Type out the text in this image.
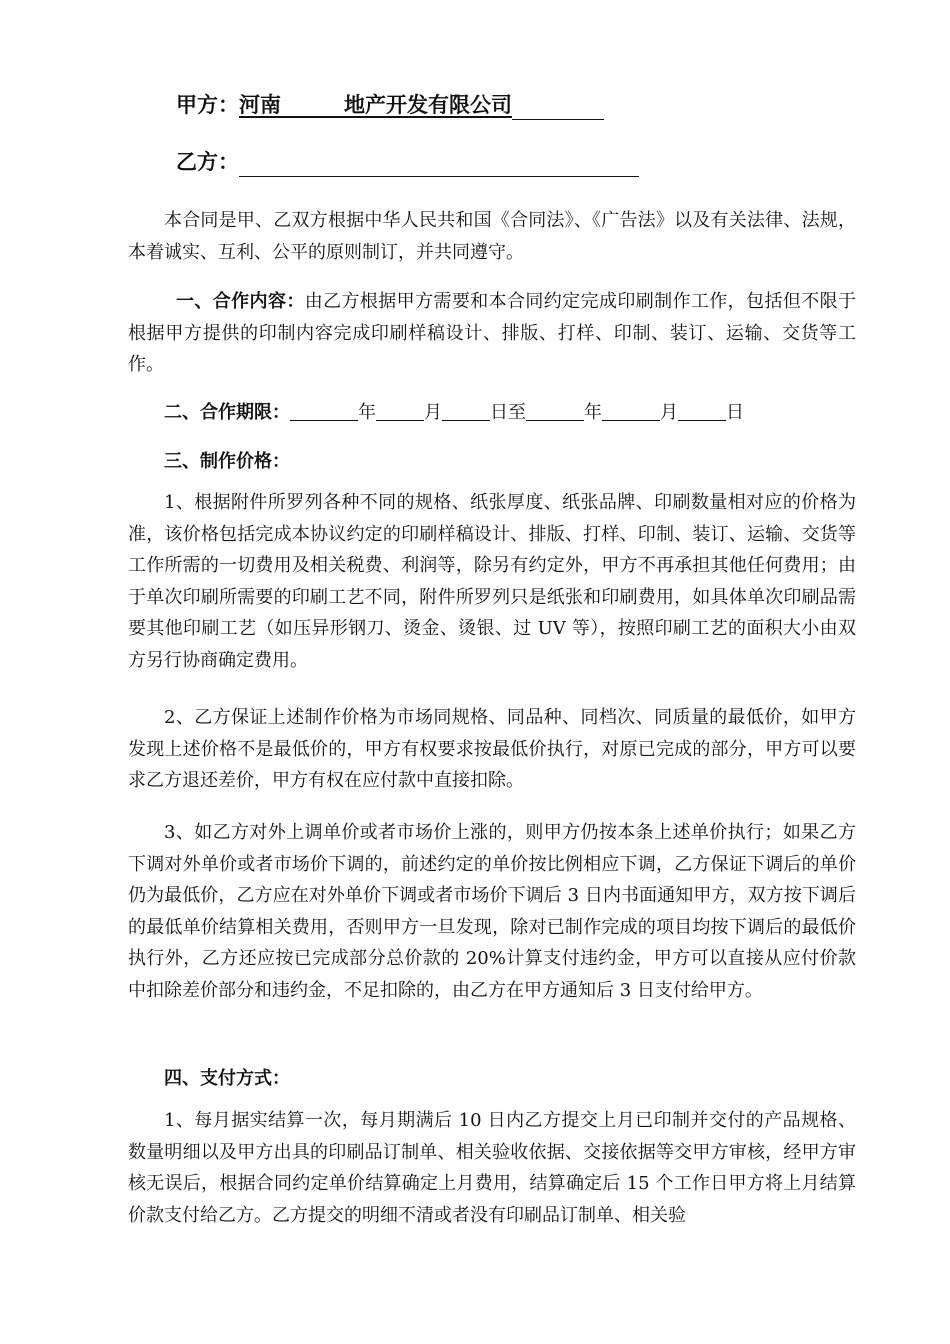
甲方：河南　　　地产开发有限公司
乙方：

本合同是甲、乙双方根据中华人民共和国《合同法》、《广告法》以及有关法律、法规，本着诚实、互利、公平的原则制订，并共同遵守。

一、合作内容：由乙方根据甲方需要和本合同约定完成印刷制作工作，包括但不限于根据甲方提供的印制内容完成印刷样稿设计、排版、打样、印制、装订、运输、交货等工作。

二、合作期限：	年	月	日至	年	月	日
三、制作价格：

1、根据附件所罗列各种不同的规格、纸张厚度、纸张品牌、印刷数量相对应的价格为准，该价格包括完成本协议约定的印刷样稿设计、排版、打样、印制、装订、运输、交货等工作所需的一切费用及相关税费、利润等，除另有约定外，甲方不再承担其他任何费用；由于单次印刷所需要的印刷工艺不同，附件所罗列只是纸张和印刷费用，如具体单次印刷品需要其他印刷工艺（如压异形钢刀、烫金、烫银、过 UV 等），按照印刷工艺的面积大小由双方另行协商确定费用。

2、乙方保证上述制作价格为市场同规格、同品种、同档次、同质量的最低价，如甲方发现上述价格不是最低价的，甲方有权要求按最低价执行，对原已完成的部分，甲方可以要求乙方退还差价，甲方有权在应付款中直接扣除。

3、如乙方对外上调单价或者市场价上涨的，则甲方仍按本条上述单价执行；如果乙方下调对外单价或者市场价下调的，前述约定的单价按比例相应下调，乙方保证下调后的单价仍为最低价，乙方应在对外单价下调或者市场价下调后 3 日内书面通知甲方，双方按下调后的最低单价结算相关费用，否则甲方一旦发现，除对已制作完成的项目均按下调后的最低价执行外，乙方还应按已完成部分总价款的 20%计算支付违约金，甲方可以直接从应付价款中扣除差价部分和违约金，不足扣除的，由乙方在甲方通知后 3 日支付给甲方。

四、支付方式：

1、每月据实结算一次，每月期满后 10 日内乙方提交上月已印制并交付的产品规格、数量明细以及甲方出具的印刷品订制单、相关验收依据、交接依据等交甲方审核，经甲方审核无误后，根据合同约定单价结算确定上月费用，结算确定后 15 个工作日甲方将上月结算价款支付给乙方。乙方提交的明细不清或者没有印刷品订制单、相关验
